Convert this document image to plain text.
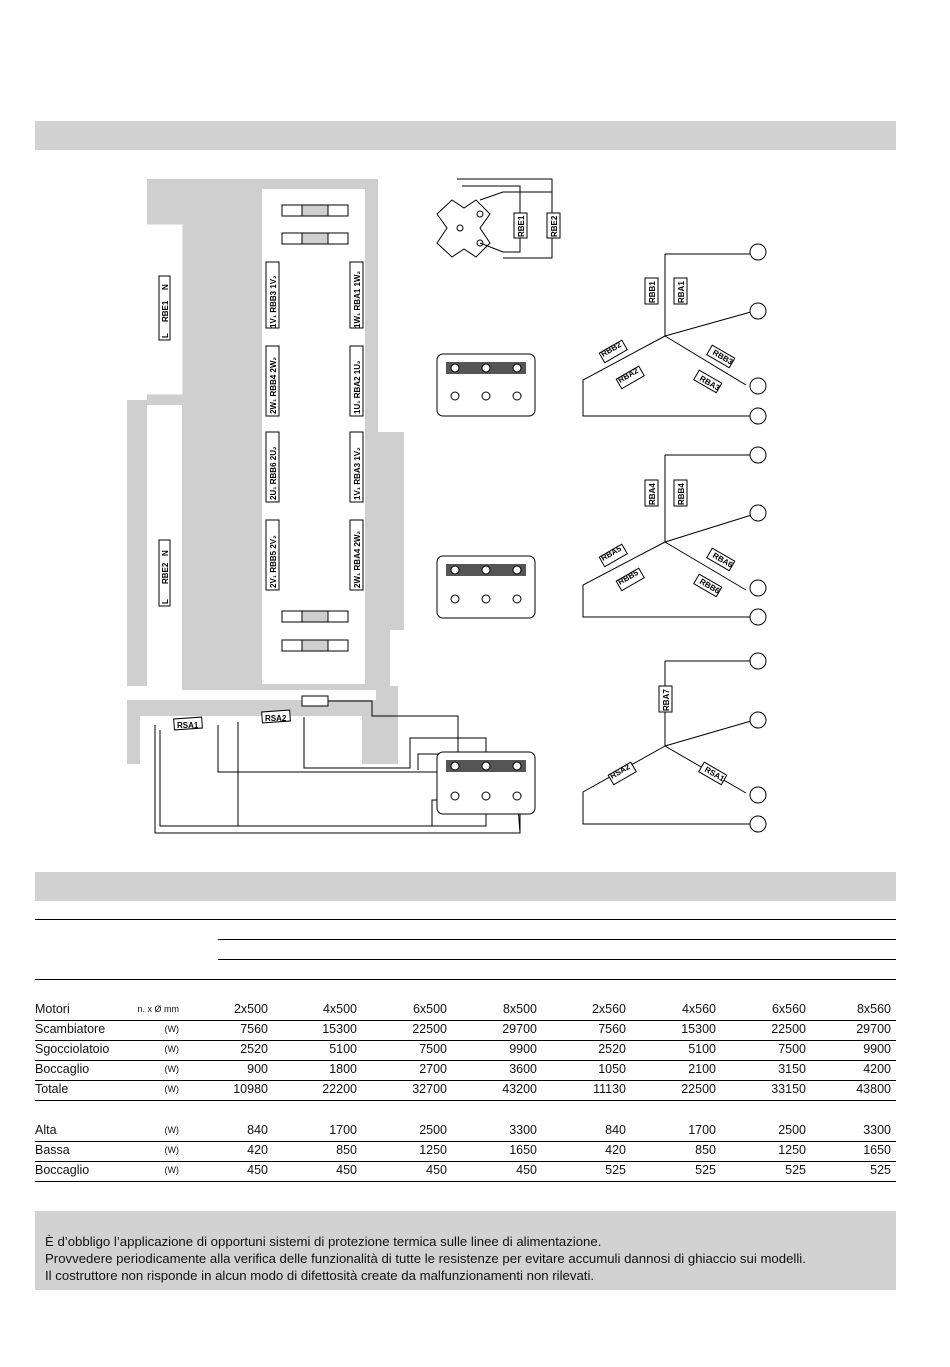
RBE1
RBE2
L
N
L
N
1V₁ RBB3 1V₂
2W₁ RBB4 2W₂
2U₁ RBB6 2U₂
2V₁ RBB5 2V₂
1W₁ RBA1 1W₂
1U₁ RBA2 1U₂
1V₁ RBA3 1V₂
2W₁ RBA4 2W₂
RSA1
RSA2
RBE1	RBE2
RBB1	RBA1
RBB2
RBA2
RBB3
RBA3
RBA4	RBB4
RBA5
RBB5
RBA6
RBB6
RBA7
RSA2	RSA1
Motori	n. x Ø mm	2x500	4x500	6x500	8x500	2x560	4x560	6x560	8x560
Scambiatore	(W)	7560	15300	22500	29700	7560	15300	22500	29700
Sgocciolatoio	(W)	2520	5100	7500	9900	2520	5100	7500	9900
Boccaglio	(W)	900	1800	2700	3600	1050	2100	3150	4200
Totale	(W)	10980	22200	32700	43200	11130	22500	33150	43800
Alta	(W)	840	1700	2500	3300	840	1700	2500	3300
Bassa	(W)	420	850	1250	1650	420	850	1250	1650
Boccaglio	(W)	450	450	450	450	525	525	525	525

È d’obbligo l’applicazione di opportuni sistemi di protezione termica sulle linee di alimentazione.

Provvedere periodicamente alla verifica delle funzionalità di tutte le resistenze per evitare accumuli dannosi di ghiaccio sui modelli.

Il costruttore non risponde in alcun modo di difettosità create da malfunzionamenti non rilevati.
